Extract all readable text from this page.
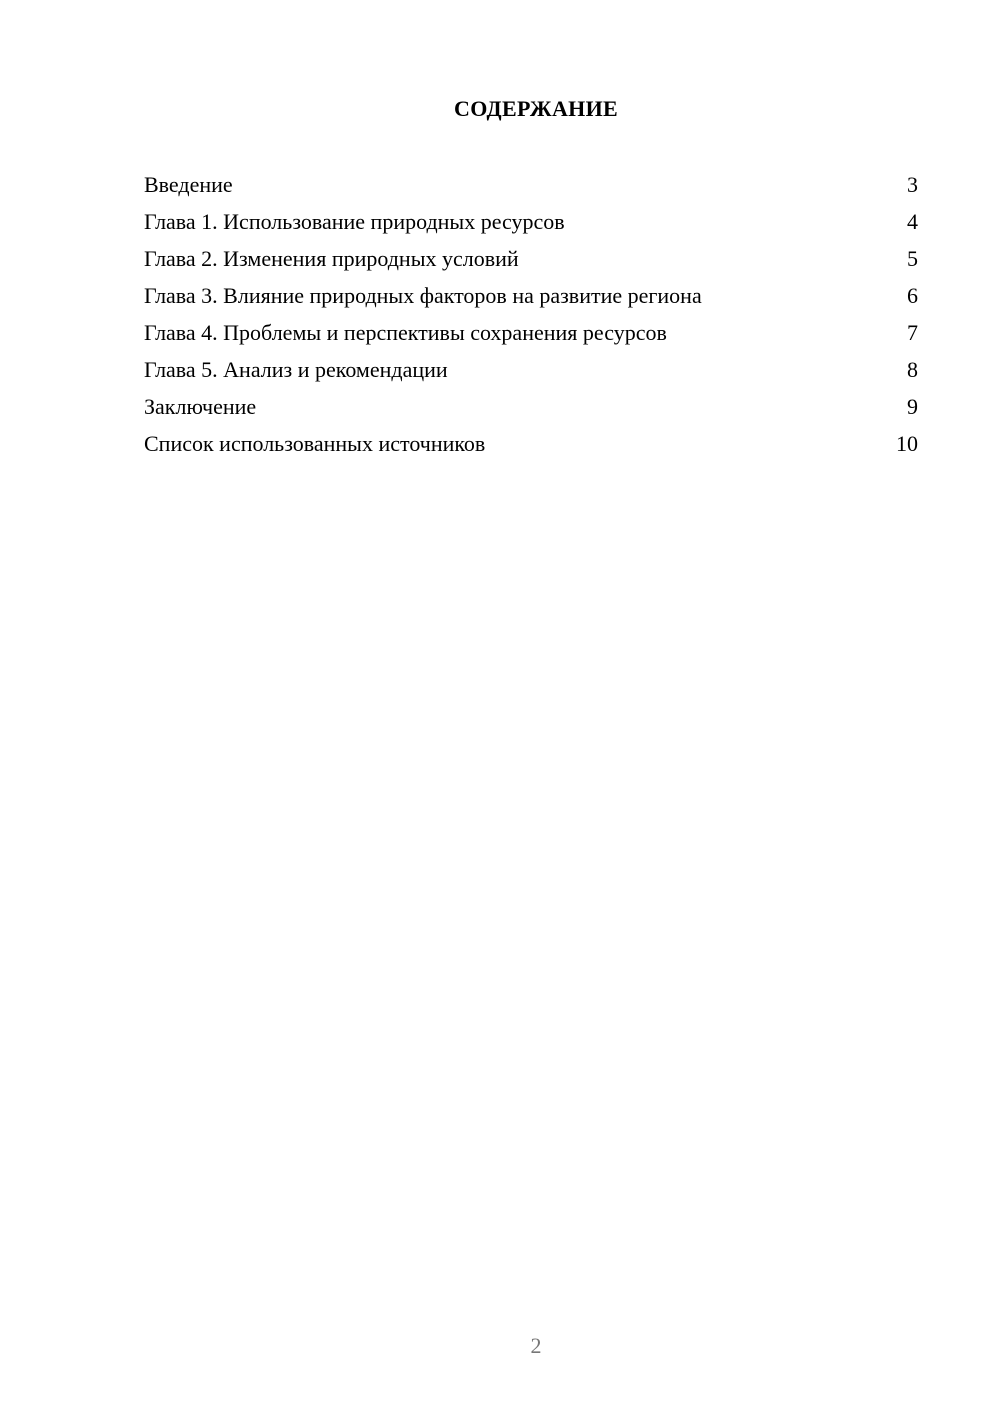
СОДЕРЖАНИЕ
Введение	3
Глава 1. Использование природных ресурсов	4
Глава 2. Изменения природных условий	5
Глава 3. Влияние природных факторов на развитие региона	6
Глава 4. Проблемы и перспективы сохранения ресурсов	7
Глава 5. Анализ и рекомендации	8
Заключение	9
Список использованных источников	10
2
